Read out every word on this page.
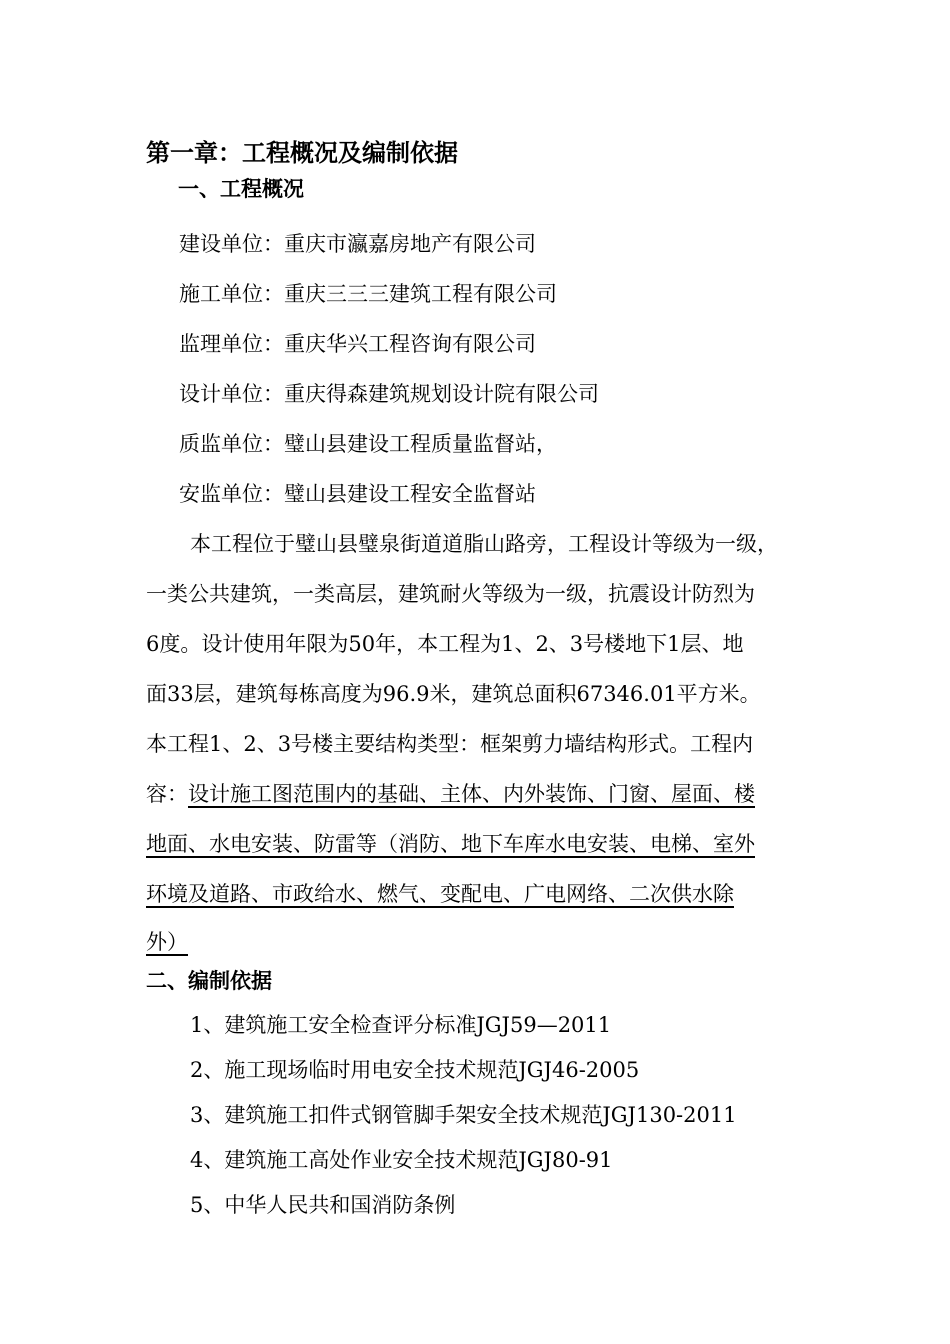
第一章：工程概况及编制依据
一、工程概况
建设单位：重庆市瀛嘉房地产有限公司
施工单位：重庆三三三建筑工程有限公司
监理单位：重庆华兴工程咨询有限公司
设计单位：重庆得森建筑规划设计院有限公司
质监单位：璧山县建设工程质量监督站，
安监单位：璧山县建设工程安全监督站
本工程位于璧山县璧泉街道道脂山路旁，工程设计等级为一级，
一类公共建筑，一类高层，建筑耐火等级为一级，抗震设计防烈为
6度。设计使用年限为50年，本工程为1、2、3号楼地下1层、地
面33层，建筑每栋高度为96.9米，建筑总面积67346.01平方米。
本工程1、2、3号楼主要结构类型：框架剪力墙结构形式。工程内
容：设计施工图范围内的基础、主体、内外装饰、门窗、屋面、楼
地面、水电安装、防雷等（消防、地下车库水电安装、电梯、室外
环境及道路、市政给水、燃气、变配电、广电网络、二次供水除
外）
二、编制依据
1、建筑施工安全检查评分标准JGJ59—2011
2、施工现场临时用电安全技术规范JGJ46-2005
3、建筑施工扣件式钢管脚手架安全技术规范JGJ130-2011
4、建筑施工高处作业安全技术规范JGJ80-91
5、中华人民共和国消防条例
